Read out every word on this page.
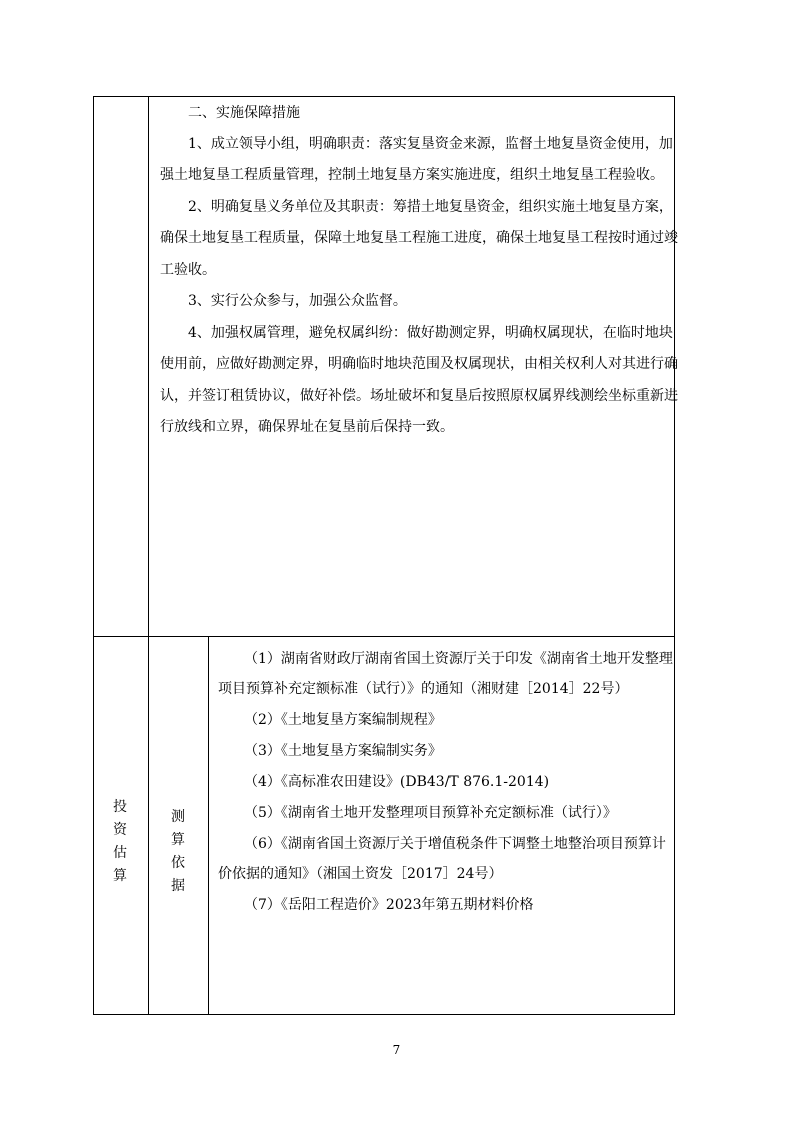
二、实施保障措施

1、成立领导小组，明确职责：落实复垦资金来源，监督土地复垦资金使用，加

强土地复垦工程质量管理，控制土地复垦方案实施进度，组织土地复垦工程验收。

2、明确复垦义务单位及其职责：筹措土地复垦资金，组织实施土地复垦方案，

确保土地复垦工程质量，保障土地复垦工程施工进度，确保土地复垦工程按时通过竣

工验收。

3、实行公众参与，加强公众监督。

4、加强权属管理，避免权属纠纷：做好勘测定界，明确权属现状，在临时地块

使用前，应做好勘测定界，明确临时地块范围及权属现状，由相关权利人对其进行确

认，并签订租赁协议，做好补偿。场址破坏和复垦后按照原权属界线测绘坐标重新进

行放线和立界，确保界址在复垦前后保持一致。

投资估算
测算依据

（1）湖南省财政厅湖南省国土资源厅关于印发《湖南省土地开发整理

项目预算补充定额标准（试行）》的通知（湘财建［2014］22号）

（2）《土地复垦方案编制规程》

（3）《土地复垦方案编制实务》

（4）《高标准农田建设》(DB43/T 876.1-2014)

（5）《湖南省土地开发整理项目预算补充定额标准（试行）》

（6）《湖南省国土资源厅关于增值税条件下调整土地整治项目预算计

价依据的通知》（湘国土资发［2017］24号）

（7）《岳阳工程造价》2023年第五期材料价格

7
